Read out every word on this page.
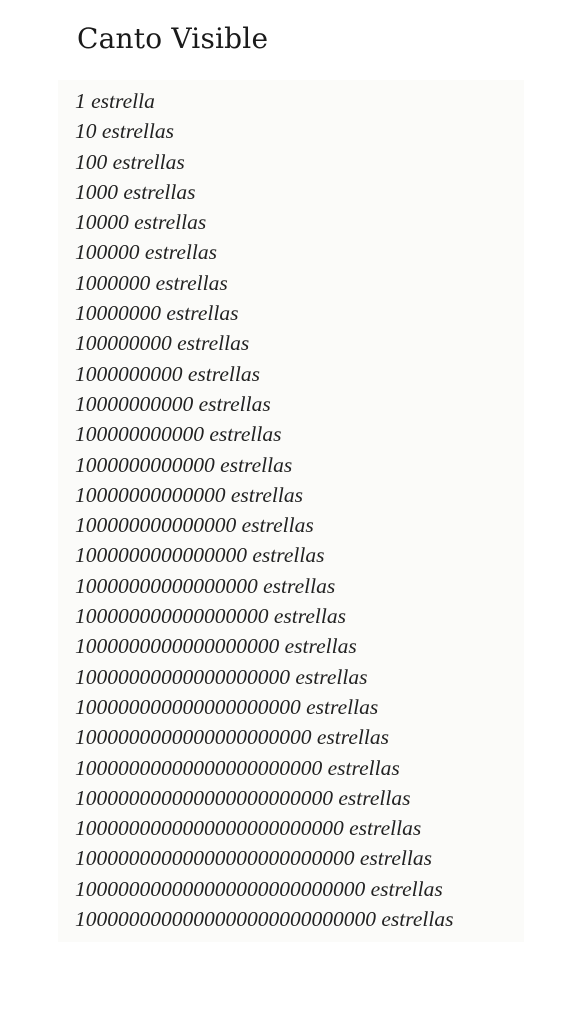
Canto Visible
1 estrella
10 estrellas
100 estrellas
1000 estrellas
10000 estrellas
100000 estrellas
1000000 estrellas
10000000 estrellas
100000000 estrellas
1000000000 estrellas
10000000000 estrellas
100000000000 estrellas
1000000000000 estrellas
10000000000000 estrellas
100000000000000 estrellas
1000000000000000 estrellas
10000000000000000 estrellas
100000000000000000 estrellas
1000000000000000000 estrellas
10000000000000000000 estrellas
100000000000000000000 estrellas
1000000000000000000000 estrellas
10000000000000000000000 estrellas
100000000000000000000000 estrellas
1000000000000000000000000 estrellas
10000000000000000000000000 estrellas
100000000000000000000000000 estrellas
1000000000000000000000000000 estrellas
